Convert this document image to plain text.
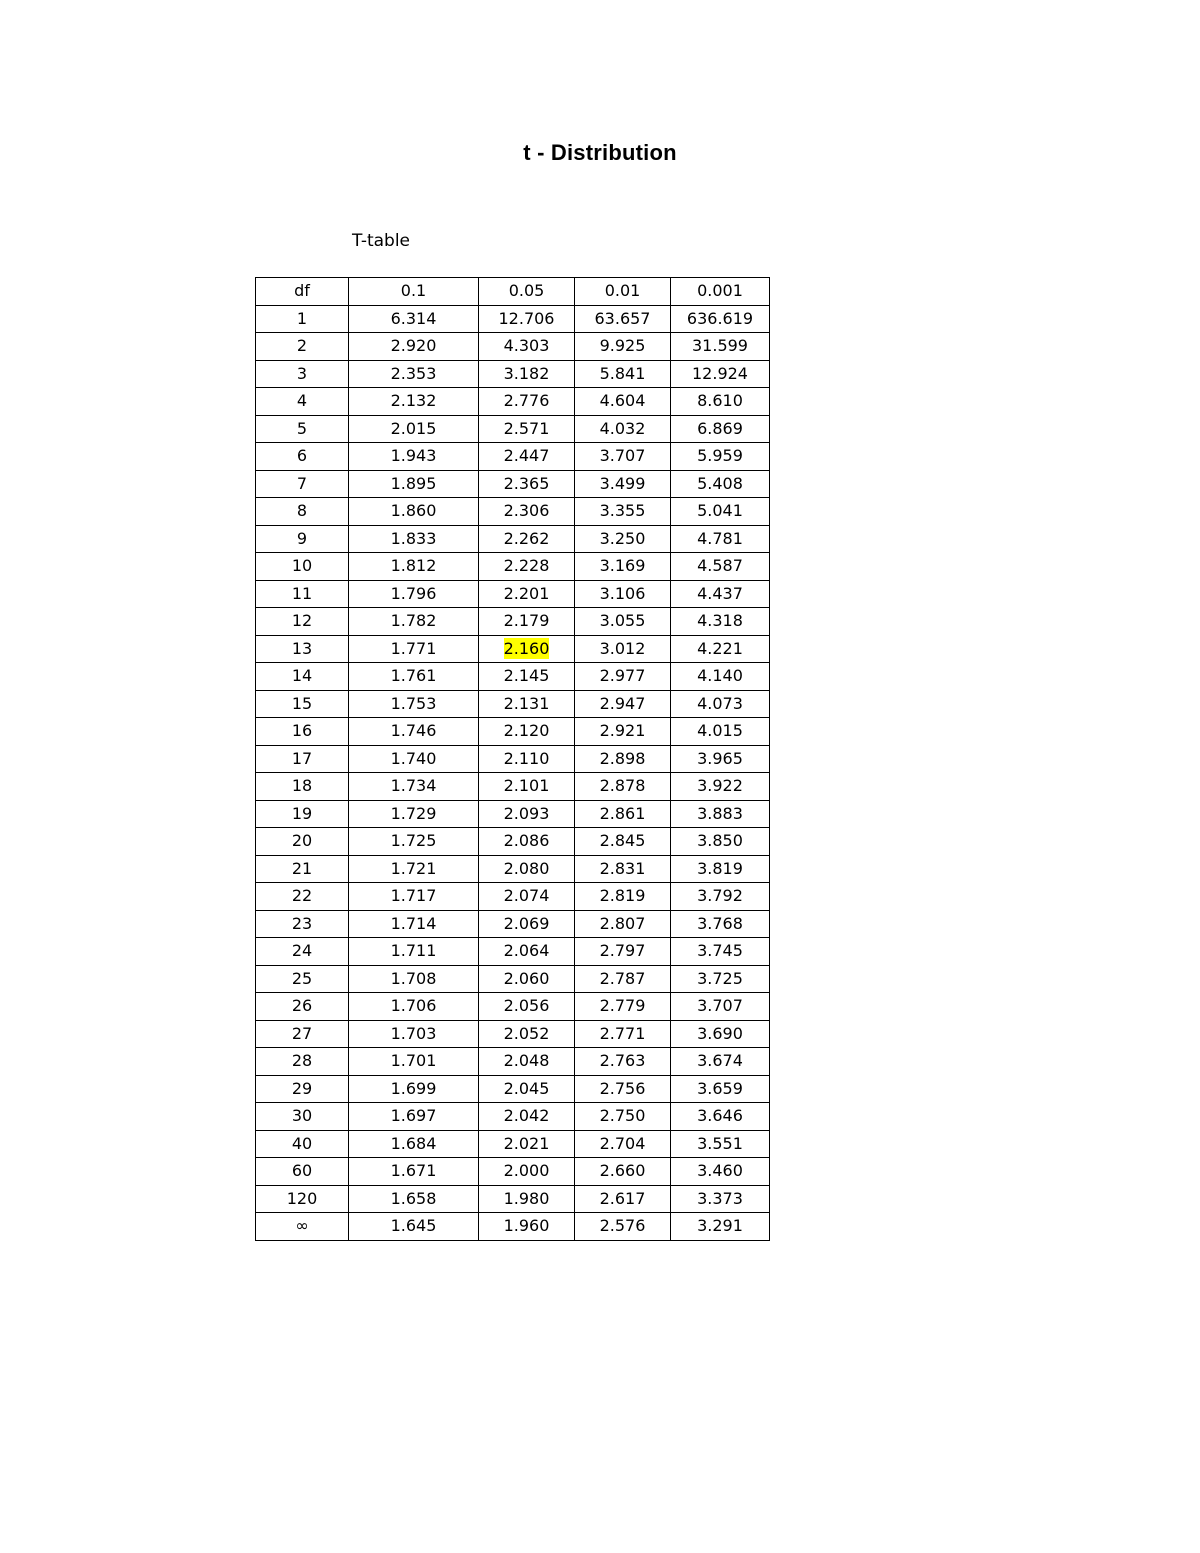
t - Distribution
T-table
df	0.1	0.05	0.01	0.001
1	6.314	12.706	63.657	636.619
2	2.920	4.303	9.925	31.599
3	2.353	3.182	5.841	12.924
4	2.132	2.776	4.604	8.610
5	2.015	2.571	4.032	6.869
6	1.943	2.447	3.707	5.959
7	1.895	2.365	3.499	5.408
8	1.860	2.306	3.355	5.041
9	1.833	2.262	3.250	4.781
10	1.812	2.228	3.169	4.587
11	1.796	2.201	3.106	4.437
12	1.782	2.179	3.055	4.318
13	1.771	2.160	3.012	4.221
14	1.761	2.145	2.977	4.140
15	1.753	2.131	2.947	4.073
16	1.746	2.120	2.921	4.015
17	1.740	2.110	2.898	3.965
18	1.734	2.101	2.878	3.922
19	1.729	2.093	2.861	3.883
20	1.725	2.086	2.845	3.850
21	1.721	2.080	2.831	3.819
22	1.717	2.074	2.819	3.792
23	1.714	2.069	2.807	3.768
24	1.711	2.064	2.797	3.745
25	1.708	2.060	2.787	3.725
26	1.706	2.056	2.779	3.707
27	1.703	2.052	2.771	3.690
28	1.701	2.048	2.763	3.674
29	1.699	2.045	2.756	3.659
30	1.697	2.042	2.750	3.646
40	1.684	2.021	2.704	3.551
60	1.671	2.000	2.660	3.460
120	1.658	1.980	2.617	3.373
∞	1.645	1.960	2.576	3.291
